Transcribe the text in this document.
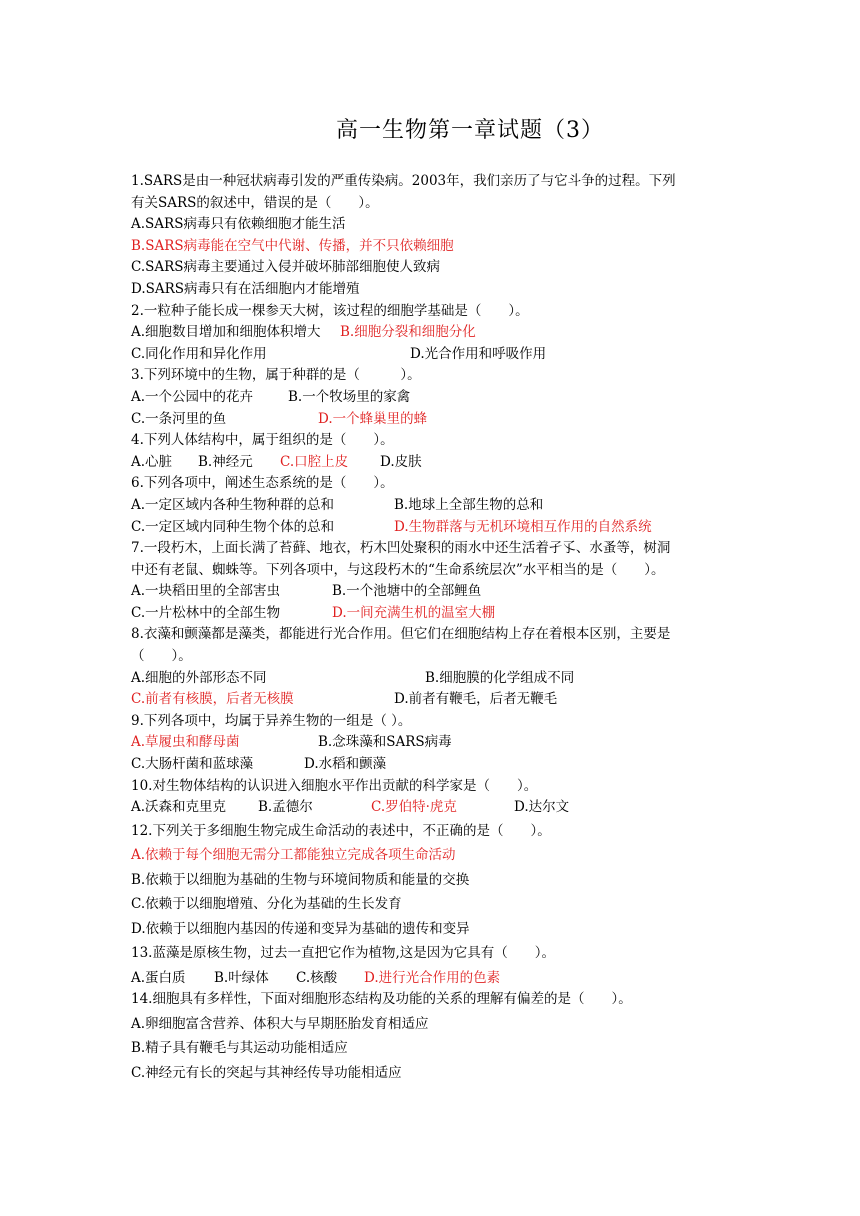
高一生物第一章试题（3）
1.SARS是由一种冠状病毒引发的严重传染病。2003年，我们亲历了与它斗争的过程。下列
有关SARS的叙述中，错误的是（　　）。
A.SARS病毒只有依赖细胞才能生活
B.SARS病毒能在空气中代谢、传播，并不只依赖细胞
C.SARS病毒主要通过入侵并破坏肺部细胞使人致病
D.SARS病毒只有在活细胞内才能增殖
2.一粒种子能长成一棵参天大树，该过程的细胞学基础是（　　）。
A.细胞数目增加和细胞体积增大 B.细胞分裂和细胞分化
C.同化作用和异化作用	D.光合作用和呼吸作用
3.下列环境中的生物，属于种群的是（　　　）。
A.一个公园中的花卉	B.一个牧场里的家禽
C.一条河里的鱼	D.一个蜂巢里的蜂
4.下列人体结构中，属于组织的是（　　）。
A.心脏 B.神经元 C.口腔上皮 D.皮肤
6.下列各项中，阐述生态系统的是（　　）。
A.一定区域内各种生物种群的总和	B.地球上全部生物的总和
C.一定区域内同种生物个体的总和	D.生物群落与无机环境相互作用的自然系统
7.一段朽木，上面长满了苔藓、地衣，朽木凹处聚积的雨水中还生活着孑孓、水蚤等，树洞
中还有老鼠、蜘蛛等。下列各项中，与这段朽木的“生命系统层次”水平相当的是（　　）。
A.一块稻田里的全部害虫	B.一个池塘中的全部鲤鱼
C.一片松林中的全部生物	D.一间充满生机的温室大棚
8.衣藻和颤藻都是藻类，都能进行光合作用。但它们在细胞结构上存在着根本区别，主要是
（　　）。
A.细胞的外部形态不同	B.细胞膜的化学组成不同
C.前者有核膜，后者无核膜	D.前者有鞭毛，后者无鞭毛
9.下列各项中，均属于异养生物的一组是（ ）。
A.草履虫和酵母菌	B.念珠藻和SARS病毒
C.大肠杆菌和蓝球藻	D.水稻和颤藻
10.对生物体结构的认识进入细胞水平作出贡献的科学家是（　　）。
A.沃森和克里克 B.孟德尔	C.罗伯特·虎克	D.达尔文
12.下列关于多细胞生物完成生命活动的表述中，不正确的是（　　）。
A.依赖于每个细胞无需分工都能独立完成各项生命活动
B.依赖于以细胞为基础的生物与环境间物质和能量的交换
C.依赖于以细胞增殖、分化为基础的生长发育
D.依赖于以细胞内基因的传递和变异为基础的遗传和变异
13.蓝藻是原核生物，过去一直把它作为植物,这是因为它具有（　　）。
A.蛋白质 B.叶绿体 C.核酸 D.进行光合作用的色素
14.细胞具有多样性，下面对细胞形态结构及功能的关系的理解有偏差的是（　　）。
A.卵细胞富含营养、体积大与早期胚胎发育相适应
B.精子具有鞭毛与其运动功能相适应
C.神经元有长的突起与其神经传导功能相适应
